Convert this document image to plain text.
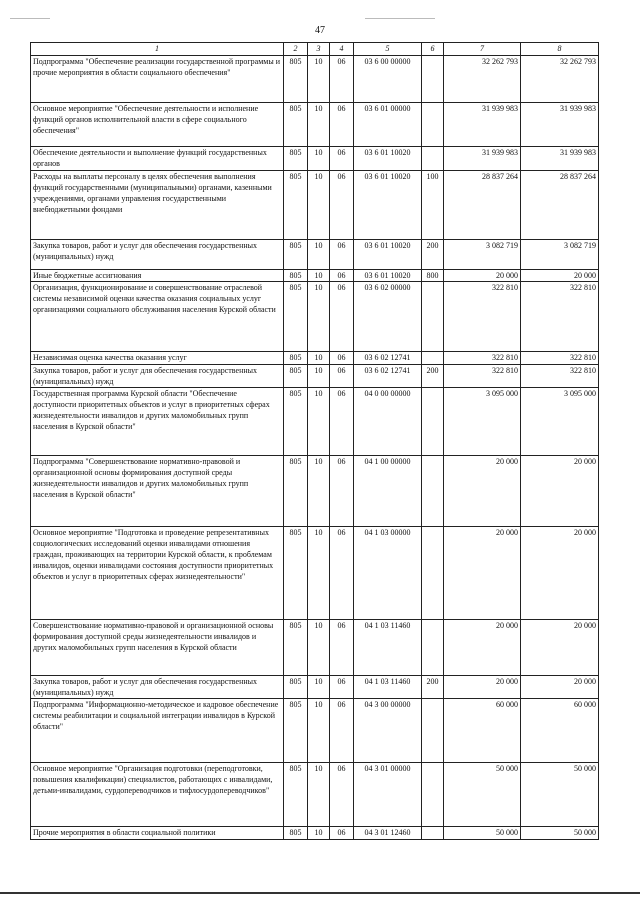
47
1	2	3	4	5	6	7	8
Подпрограмма "Обеспечение реализации государственной программы и прочие мероприятия в области социального обеспечения"	805	10	06	03 6 00 00000		32 262 793	32 262 793
Основное мероприятие "Обеспечение деятельности и исполнение функций органов исполнительной власти в сфере социального обеспечения"	805	10	06	03 6 01 00000		31 939 983	31 939 983
Обеспечение деятельности и выполнение функций государственных органов	805	10	06	03 6 01 10020		31 939 983	31 939 983
Расходы на выплаты персоналу в целях обеспечения выполнения функций государственными (муниципальными) органами, казенными учреждениями, органами управления государственными внебюджетными фондами	805	10	06	03 6 01 10020	100	28 837 264	28 837 264
Закупка товаров, работ и услуг для обеспечения государственных (муниципальных) нужд	805	10	06	03 6 01 10020	200	3 082 719	3 082 719
Иные бюджетные ассигнования	805	10	06	03 6 01 10020	800	20 000	20 000
Организация, функционирование и совершенствование отраслевой системы независимой оценки качества оказания социальных услуг организациями социального обслуживания населения Курской области	805	10	06	03 6 02 00000		322 810	322 810
Независимая оценка качества оказания услуг	805	10	06	03 6 02 12741		322 810	322 810
Закупка товаров, работ и услуг для обеспечения государственных (муниципальных) нужд	805	10	06	03 6 02 12741	200	322 810	322 810
Государственная программа Курской области "Обеспечение доступности приоритетных объектов и услуг в приоритетных сферах жизнедеятельности инвалидов и других маломобильных групп населения в Курской области"	805	10	06	04 0 00 00000		3 095 000	3 095 000
Подпрограмма "Совершенствование нормативно-правовой и организационной основы формирования доступной среды жизнедеятельности инвалидов и других маломобильных групп населения в Курской области"	805	10	06	04 1 00 00000		20 000	20 000
Основное мероприятие "Подготовка и проведение репрезентативных социологических исследований оценки инвалидами отношения граждан, проживающих на территории Курской области, к проблемам инвалидов, оценки инвалидами состояния доступности приоритетных объектов и услуг в приоритетных сферах жизнедеятельности"	805	10	06	04 1 03 00000		20 000	20 000
Совершенствование нормативно-правовой и организационной основы формирования доступной среды жизнедеятельности инвалидов и других маломобильных групп населения в Курской области	805	10	06	04 1 03 11460		20 000	20 000
Закупка товаров, работ и услуг для обеспечения государственных (муниципальных) нужд	805	10	06	04 1 03 11460	200	20 000	20 000
Подпрограмма "Информационно-методическое и кадровое обеспечение системы реабилитации и социальной интеграции инвалидов в Курской области"	805	10	06	04 3 00 00000		60 000	60 000
Основное мероприятие "Организация подготовки (переподготовки, повышения квалификации) специалистов, работающих с инвалидами, детьми-инвалидами, сурдопереводчиков и тифлосурдопереводчиков"	805	10	06	04 3 01 00000		50 000	50 000
Прочие мероприятия в области социальной политики	805	10	06	04 3 01 12460		50 000	50 000
